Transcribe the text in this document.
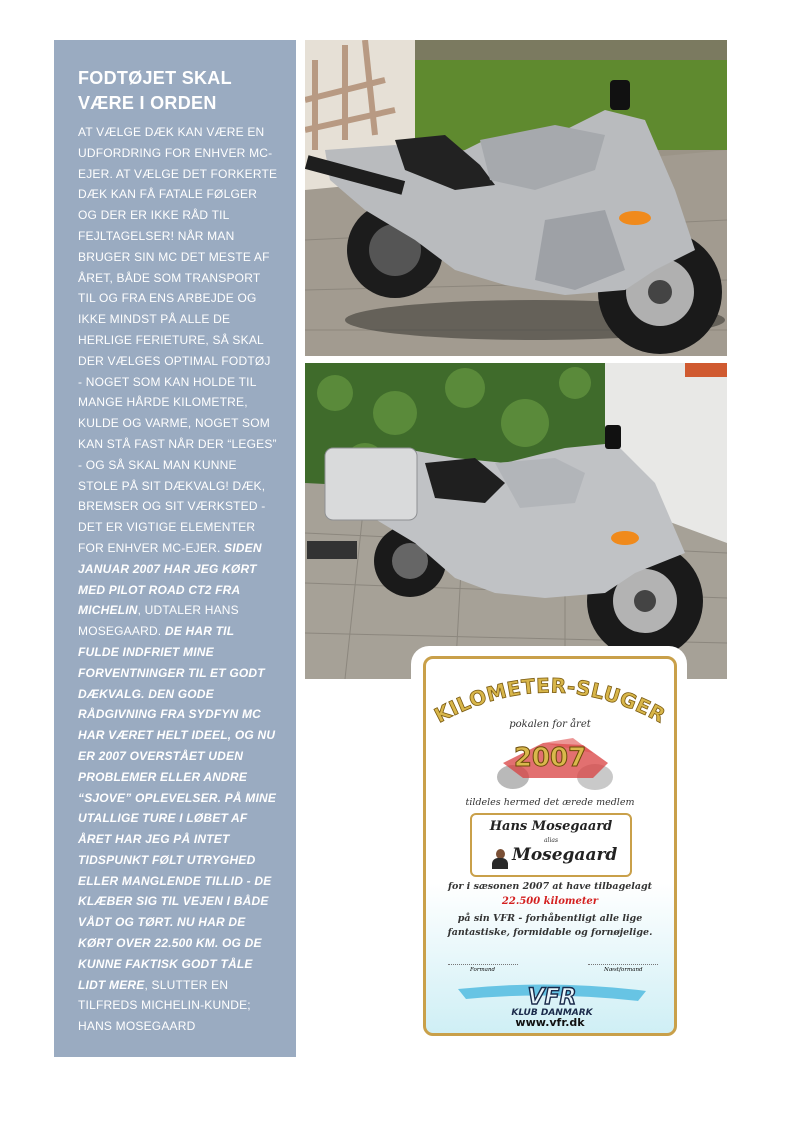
FODTØJET SKAL VÆRE I ORDEN
AT VÆLGE DÆK KAN VÆRE EN UDFORDRING FOR ENHVER MC-EJER. AT VÆLGE DET FORKERTE DÆK KAN FÅ FATALE FØLGER OG DER ER IKKE RÅD TIL FEJLTAGELSER! NÅR MAN BRUGER SIN MC DET MESTE AF ÅRET, BÅDE SOM TRANSPORT TIL OG FRA ENS ARBEJDE OG IKKE MINDST PÅ ALLE DE HERLIGE FERIETURE, SÅ SKAL DER VÆLGES OPTIMAL FODTØJ - NOGET SOM KAN HOLDE TIL MANGE HÅRDE KILOMETRE, KULDE OG VARME, NOGET SOM KAN STÅ FAST NÅR DER “LEGES” - OG SÅ SKAL MAN KUNNE STOLE PÅ SIT DÆKVALG! DÆK, BREMSER OG SIT VÆRKSTED - DET ER VIGTIGE ELEMENTER FOR ENHVER MC-EJER. SIDEN JANUAR 2007 HAR JEG KØRT MED PILOT ROAD CT2 FRA MICHELIN, UDTALER HANS MOSEGAARD. DE HAR TIL FULDE INDFRIET MINE FORVENTNINGER TIL ET GODT DÆKVALG. DEN GODE RÅDGIVNING FRA SYDFYN MC HAR VÆRET HELT IDEEL, OG NU ER 2007 OVERSTÅET UDEN PROBLEMER ELLER ANDRE “SJOVE” OPLEVELSER. PÅ MINE UTALLIGE TURE I LØBET AF ÅRET HAR JEG PÅ INTET TIDSPUNKT FØLT UTRYGHED ELLER MANGLENDE TILLID - DE KLÆBER SIG TIL VEJEN I BÅDE VÅDT OG TØRT. NU HAR DE KØRT OVER 22.500 KM. OG DE KUNNE FAKTISK GODT TÅLE LIDT MERE, SLUTTER EN TILFREDS MICHELIN-KUNDE; HANS MOSEGAARD
KILOMETER-SLUGER
pokalen for året
2007
tildeles hermed det ærede medlem
Hans Mosegaard
alias
Mosegaard
for i sæsonen 2007 at have tilbagelagt
22.500 kilometer
på sin VFR - forhåbentligt alle lige
fantastiske, formidable og fornøjelige.
Formand	Næstformand
VFR
KLUB DANMARK
www.vfr.dk
